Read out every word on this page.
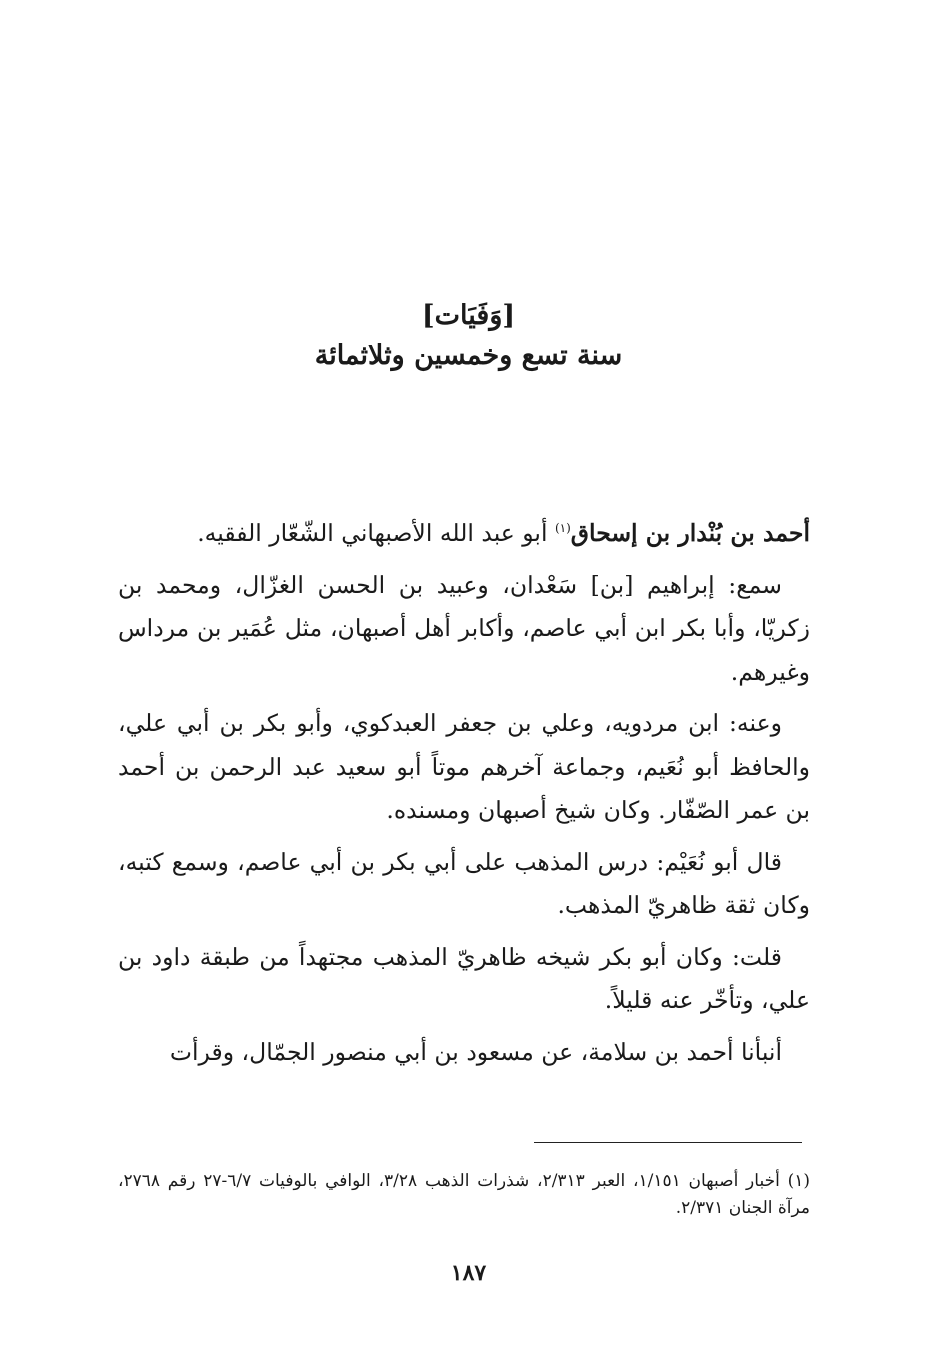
[وَفَيَات]
سنة تسع وخمسين وثلاثمائة

أحمد بن بُنْدار بن إسحاق$^{(١)}$ أبو عبد الله الأصبهاني الشّعّار الفقيه.

سمع: إبراهيم [بن] سَعْدان، وعبيد بن الحسن الغزّال، ومحمد بن زكريّا، وأبا بكر ابن أبي عاصم، وأكابر أهل أصبهان، مثل عُمَير بن مرداس وغيرهم.

وعنه: ابن مردويه، وعلي بن جعفر العبدكوي، وأبو بكر بن أبي علي، والحافظ أبو نُعَيم، وجماعة آخرهم موتاً أبو سعيد عبد الرحمن بن أحمد بن عمر الصّفّار. وكان شيخ أصبهان ومسنده.

قال أبو نُعَيْم: درس المذهب على أبي بكر بن أبي عاصم، وسمع كتبه، وكان ثقة ظاهريّ المذهب.

قلت: وكان أبو بكر شيخه ظاهريّ المذهب مجتهداً من طبقة داود بن علي، وتأخّر عنه قليلاً.

أنبأنا أحمد بن سلامة، عن مسعود بن أبي منصور الجمّال، وقرأت

(١) أخبار أصبهان ١/١٥١، العبر ٢/٣١٣، شذرات الذهب ٣/٢٨، الوافي بالوفيات ٦/٧-٢٧ رقم ٢٧٦٨، مرآة الجنان ٢/٣٧١.
١٨٧
